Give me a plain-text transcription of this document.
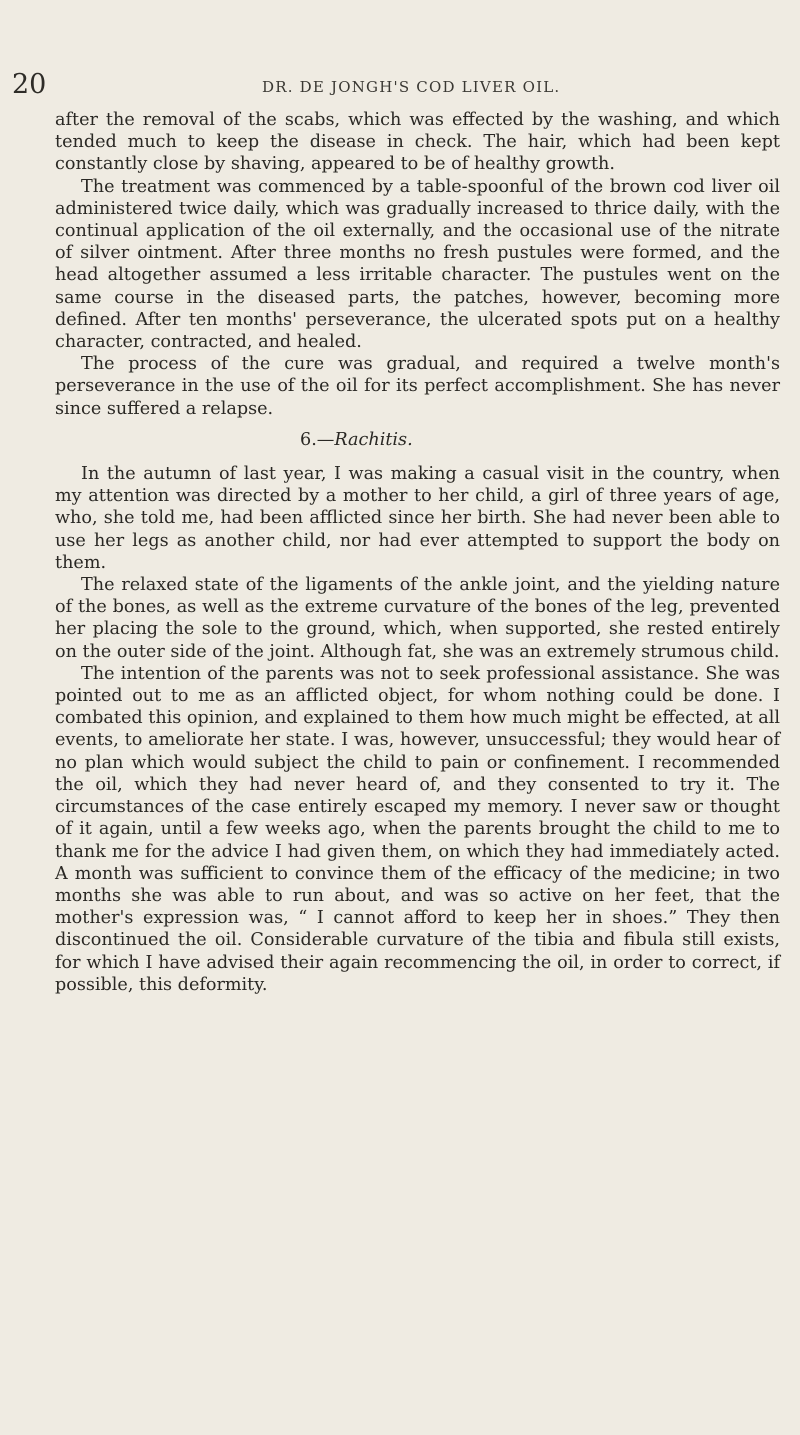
20	DR. DE JONGH'S COD LIVER OIL.

after the removal of the scabs, which was effected by the washing, and which tended much to keep the disease in check. The hair, which had been kept constantly close by shaving, appeared to be of healthy growth.

The treatment was commenced by a table-spoonful of the brown cod liver oil administered twice daily, which was gradually increased to thrice daily, with the continual application of the oil externally, and the occasional use of the nitrate of silver ointment. After three months no fresh pustules were formed, and the head altogether assumed a less irritable character. The pustules went on the same course in the diseased parts, the patches, however, becoming more defined. After ten months' perseverance, the ulcerated spots put on a healthy character, contracted, and healed.

The process of the cure was gradual, and required a twelve month's perseverance in the use of the oil for its perfect accomplishment. She has never since suffered a relapse.

6.—Rachitis.

In the autumn of last year, I was making a casual visit in the country, when my attention was directed by a mother to her child, a girl of three years of age, who, she told me, had been afflicted since her birth. She had never been able to use her legs as another child, nor had ever attempted to support the body on them.

The relaxed state of the ligaments of the ankle joint, and the yielding nature of the bones, as well as the extreme curvature of the bones of the leg, prevented her placing the sole to the ground, which, when supported, she rested entirely on the outer side of the joint. Although fat, she was an extremely strumous child.

The intention of the parents was not to seek professional assistance. She was pointed out to me as an afflicted object, for whom nothing could be done. I combated this opinion, and explained to them how much might be effected, at all events, to ameliorate her state. I was, however, unsuccessful; they would hear of no plan which would subject the child to pain or confinement. I recommended the oil, which they had never heard of, and they consented to try it. The circumstances of the case entirely escaped my memory. I never saw or thought of it again, until a few weeks ago, when the parents brought the child to me to thank me for the advice I had given them, on which they had immediately acted. A month was sufficient to convince them of the efficacy of the medicine; in two months she was able to run about, and was so active on her feet, that the mother's expression was, “ I cannot afford to keep her in shoes.” They then discontinued the oil. Considerable curvature of the tibia and fibula still exists, for which I have advised their again recommencing the oil, in order to correct, if possible, this deformity.
